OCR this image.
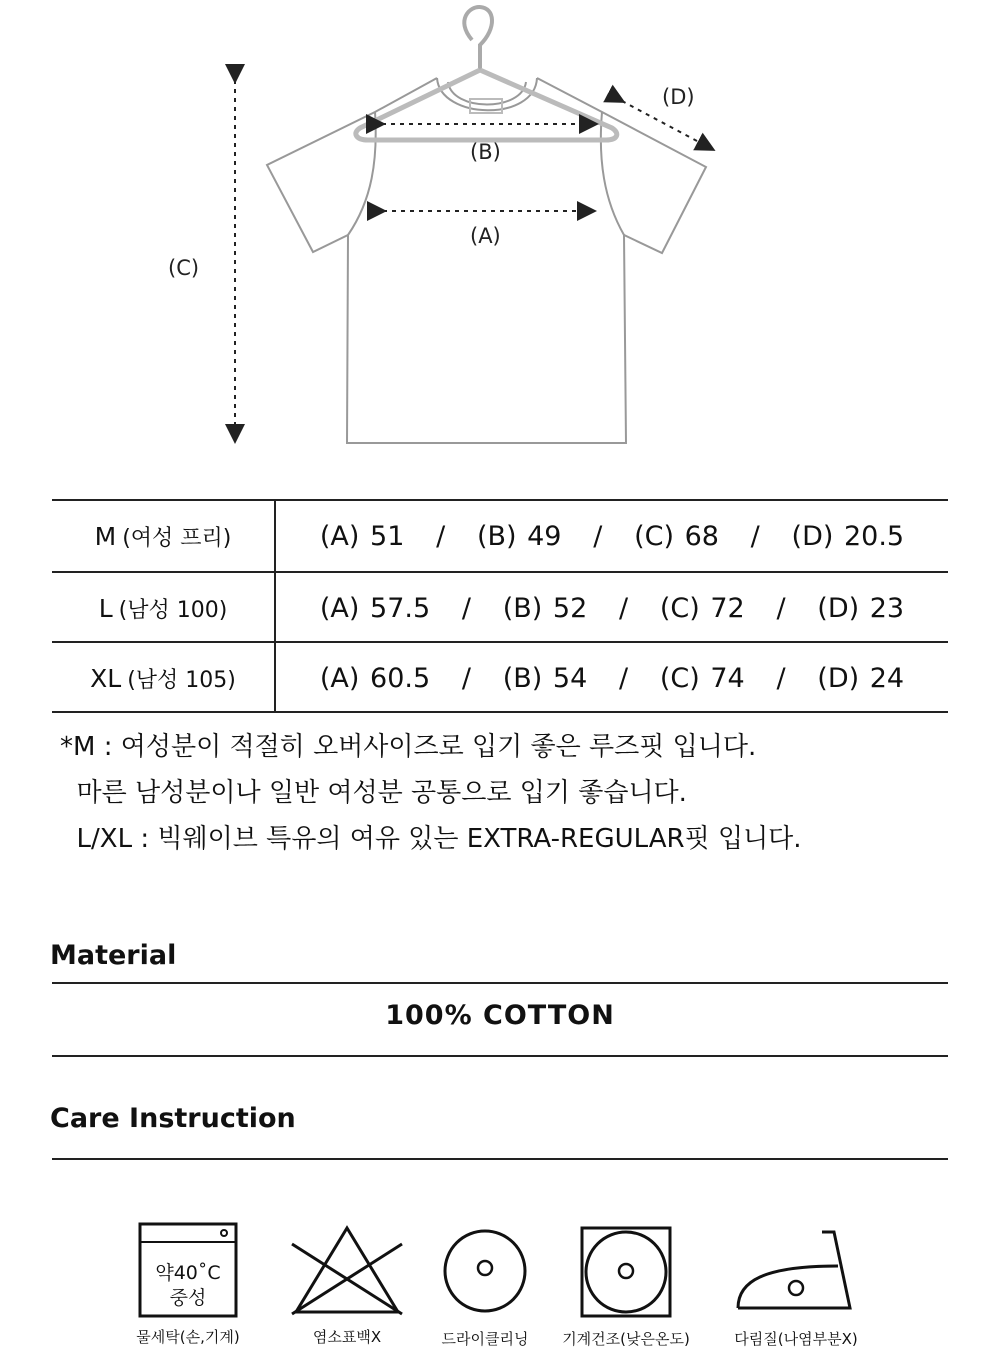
(B)
(A)
(C)
(D)
M (여성 프리)	(A) 51   /   (B) 49   /   (C) 68   /   (D) 20.5
L (남성 100)	(A) 57.5   /   (B) 52   /   (C) 72   /   (D) 23
XL (남성 105)	(A) 60.5   /   (B) 54   /   (C) 74   /   (D) 24
*M : 여성분이 적절히 오버사이즈로 입기 좋은 루즈핏 입니다.
마른 남성분이나 일반 여성분 공통으로 입기 좋습니다.
L/XL : 빅웨이브 특유의 여유 있는 EXTRA-REGULAR핏 입니다.
Material
100% COTTON
Care Instruction
약40˚C
중성
물세탁(손,기계)	염소표백X	드라이클리닝	기계건조(낮은온도)	다림질(나염부분X)
